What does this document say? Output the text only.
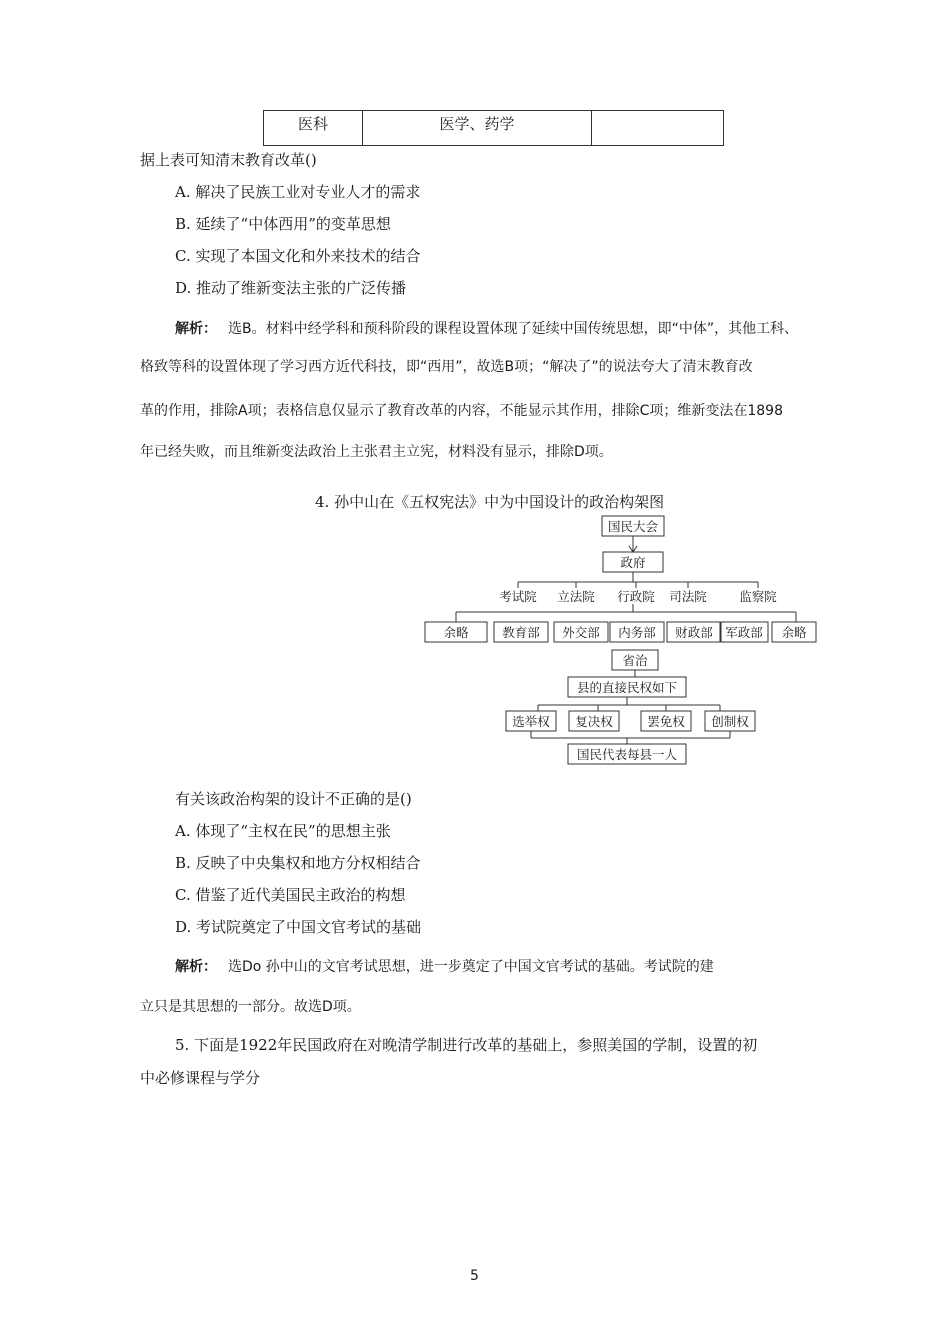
医科	医学、药学	
据上表可知清末教育改革()
A. 解决了民族工业对专业人才的需求
B. 延续了“中体西用”的变革思想
C. 实现了本国文化和外来技术的结合
D. 推动了维新变法主张的广泛传播
解析： 选B。材料中经学科和预科阶段的课程设置体现了延续中国传统思想，即“中体”，其他工科、
格致等科的设置体现了学习西方近代科技，即“西用”，故选B项；“解决了”的说法夸大了清末教育改
革的作用，排除A项；表格信息仅显示了教育改革的内容，不能显示其作用，排除C项；维新变法在1898
年已经失败，而且维新变法政治上主张君主立宪，材料没有显示，排除D项。
4. 孙中山在《五权宪法》中为中国设计的政治构架图
国民大会
政府
考试院 立法院 行政院 司法院	监察院
余略	教育部 外交部 内务部 财政部 军政部 余略
省治
县的直接民权如下
选举权 复决权	罢免权 创制权
国民代表每县一人
有关该政治构架的设计不正确的是()
A. 体现了“主权在民”的思想主张
B. 反映了中央集权和地方分权相结合
C. 借鉴了近代美国民主政治的构想
D. 考试院奠定了中国文官考试的基础
解析： 选Do 孙中山的文官考试思想，进一步奠定了中国文官考试的基础。考试院的建
立只是其思想的一部分。故选D项。
5. 下面是1922年民国政府在对晚清学制进行改革的基础上，参照美国的学制，设置的初
中必修课程与学分
5
